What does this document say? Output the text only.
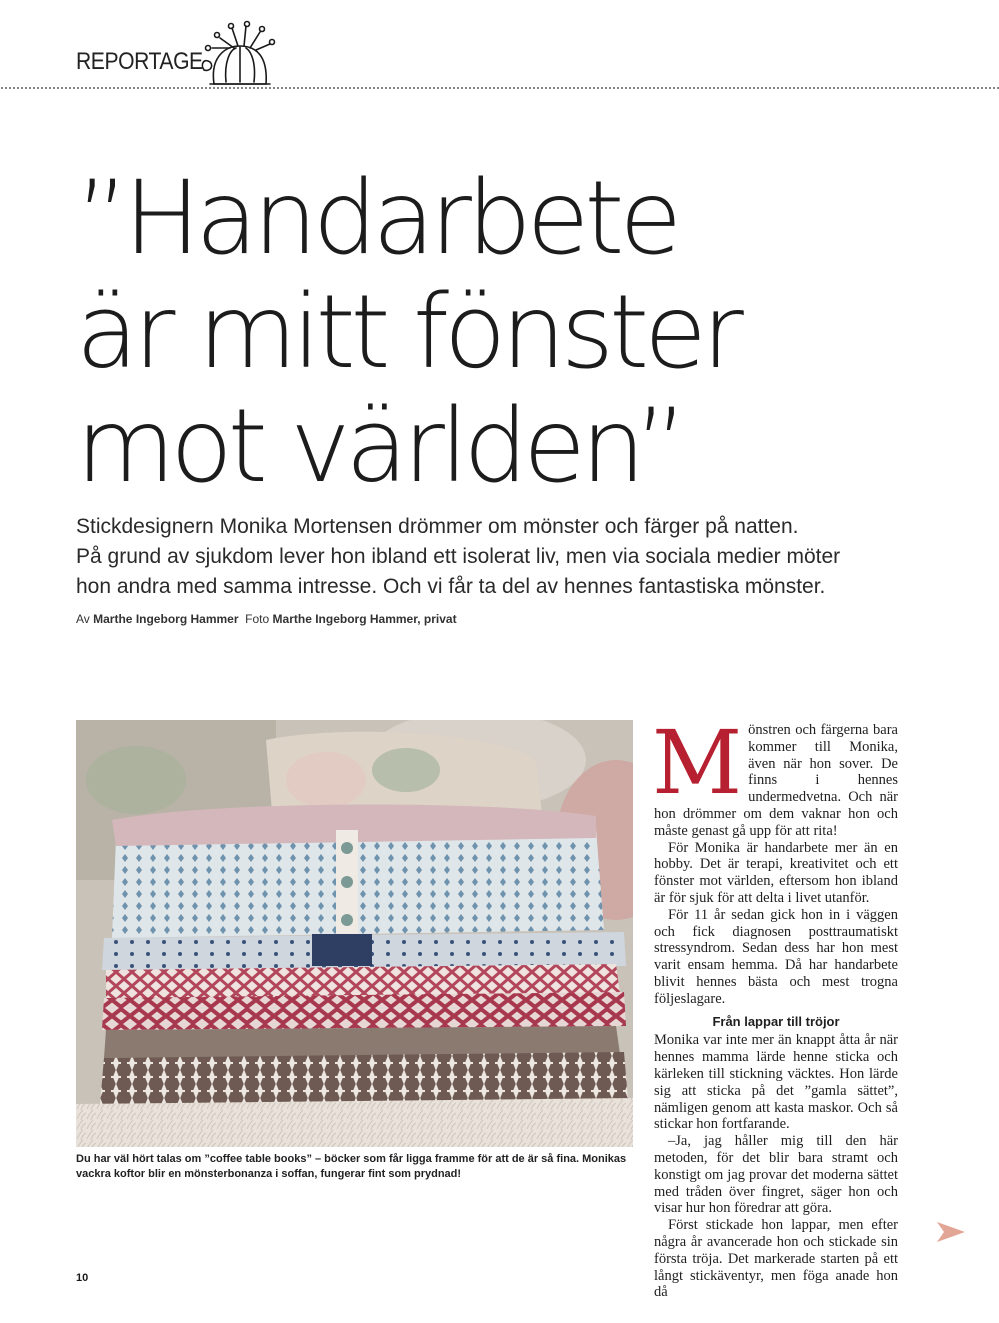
REPORTAGE
”Handarbete
är mitt fönster
mot världen”

Stickdesignern Monika Mortensen drömmer om mönster och färger på natten.
På grund av sjukdom lever hon ibland ett isolerat liv, men via sociala medier möter
hon andra med samma intresse. Och vi får ta del av hennes fantastiska mönster.

Av Marthe Ingeborg Hammer Foto Marthe Ingeborg Hammer, privat
Du har väl hört talas om ”coffee table books” – böcker som får ligga framme för att de är så fina. Monikas
vackra koftor blir en mönsterbonanza i soffan, fungerar fint som prydnad!

Mönstren och färgerna bara kommer till Monika, även när hon sover. De finns i hennes undermedvetna. Och när hon drömmer om dem vaknar hon och måste genast gå upp för att rita!

För Monika är handarbete mer än en hobby. Det är terapi, kreativitet och ett fönster mot världen, eftersom hon ibland är för sjuk för att delta i livet utanför.

För 11 år sedan gick hon in i väggen och fick diagnosen posttraumatiskt stressyndrom. Sedan dess har hon mest varit ensam hemma. Då har handarbete blivit hennes bästa och mest trogna följeslagare.

Från lappar till tröjor

Monika var inte mer än knappt åtta år när hennes mamma lärde henne sticka och kärleken till stickning väcktes. Hon lärde sig att sticka på det ”gamla sättet”, nämligen genom att kasta maskor. Och så stickar hon fortfarande.

–Ja, jag håller mig till den här metoden, för det blir bara stramt och konstigt om jag provar det moderna sättet med tråden över fingret, säger hon och visar hur hon föredrar att göra.

Först stickade hon lappar, men efter några år avancerade hon och stickade sin första tröja. Det markerade starten på ett långt stickäventyr, men föga anade hon då

10
